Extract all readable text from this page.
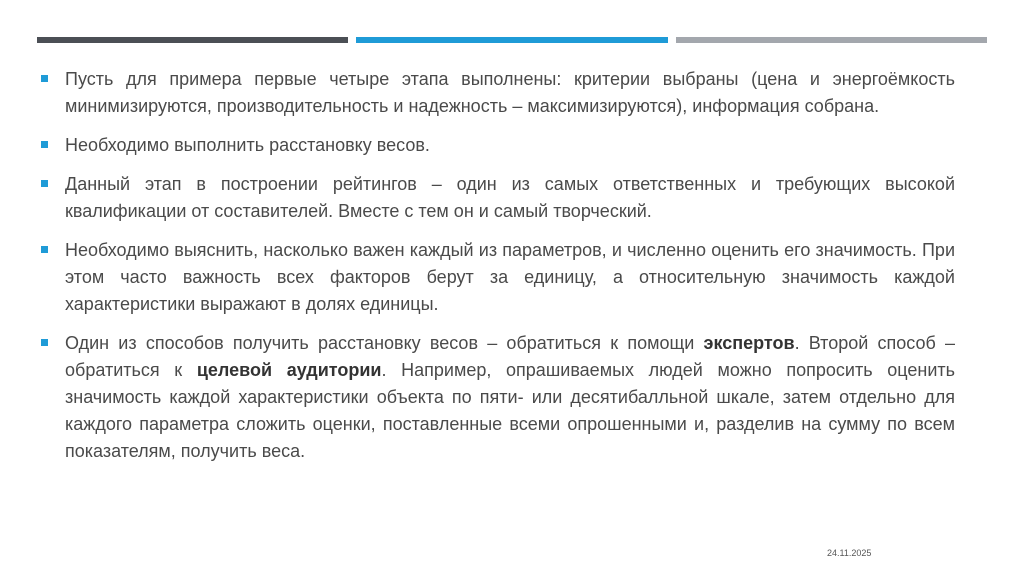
Пусть для примера первые четыре этапа выполнены: критерии выбраны (цена и энергоёмкость минимизируются, производительность и надежность – максимизируются), информация собрана.
Необходимо выполнить расстановку весов.
Данный этап в построении рейтингов – один из самых ответственных и требующих высокой квалификации от составителей. Вместе с тем он и самый творческий.
Необходимо выяснить, насколько важен каждый из параметров, и численно оценить его значимость. При этом часто важность всех факторов берут за единицу, а относительную значимость каждой характеристики выражают в долях единицы.
Один из способов получить расстановку весов – обратиться к помощи экспертов. Второй способ – обратиться к целевой аудитории. Например, опрашиваемых людей можно попросить оценить значимость каждой характеристики объекта по пяти- или десятибалльной шкале, затем отдельно для каждого параметра сложить оценки, поставленные всеми опрошенными и, разделив на сумму по всем показателям, получить веса.
24.11.2025
